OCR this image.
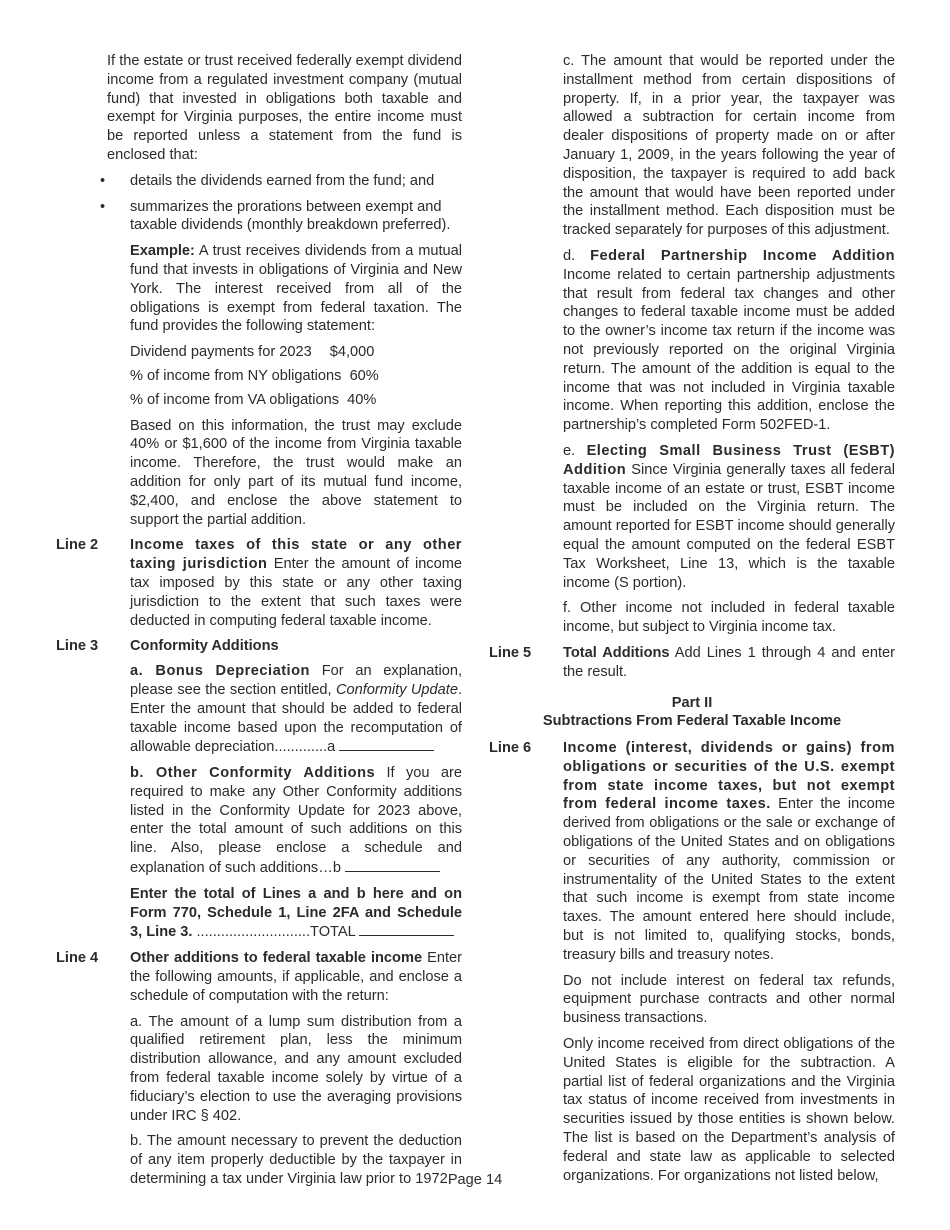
If the estate or trust received federally exempt dividend income from a regulated investment company (mutual fund) that invested in obligations both taxable and exempt for Virginia purposes, the entire income must be reported unless a statement from the fund is enclosed that:

• details the dividends earned from the fund; and
• summarizes the prorations between exempt and taxable dividends (monthly breakdown preferred).

Example: A trust receives dividends from a mutual fund that invests in obligations of Virginia and New York. The interest received from all of the obligations is exempt from federal taxation. The fund provides the following statement:

Dividend payments for 2023 $4,000
% of income from NY obligations 60%
% of income from VA obligations 40%

Based on this information, the trust may exclude 40% or $1,600 of the income from Virginia taxable income. Therefore, the trust would make an addition for only part of its mutual fund income, $2,400, and enclose the above statement to support the partial addition.

Line 2 Income taxes of this state or any other taxing jurisdiction Enter the amount of income tax imposed by this state or any other taxing jurisdiction to the extent that such taxes were deducted in computing federal taxable income.
Line 3 Conformity Additions

a. Bonus Depreciation For an explanation, please see the section entitled, Conformity Update. Enter the amount that should be added to federal taxable income based upon the recomputation of allowable depreciation.............a

b. Other Conformity Additions If you are required to make any Other Conformity additions listed in the Conformity Update for 2023 above, enter the total amount of such additions on this line. Also, please enclose a schedule and explanation of such additions…b

Enter the total of Lines a and b here and on Form 770, Schedule 1, Line 2FA and Schedule 3, Line 3. ............................TOTAL

Line 4 Other additions to federal taxable income Enter the following amounts, if applicable, and enclose a schedule of computation with the return:

a. The amount of a lump sum distribution from a qualified retirement plan, less the minimum distribution allowance, and any amount excluded from federal taxable income solely by virtue of a fiduciary’s election to use the averaging provisions under IRC § 402.

b. The amount necessary to prevent the deduction of any item properly deductible by the taxpayer in determining a tax under Virginia law prior to 1972.

c. The amount that would be reported under the installment method from certain dispositions of property. If, in a prior year, the taxpayer was allowed a subtraction for certain income from dealer dispositions of property made on or after January 1, 2009, in the years following the year of disposition, the taxpayer is required to add back the amount that would have been reported under the installment method. Each disposition must be tracked separately for purposes of this adjustment.

d. Federal Partnership Income Addition Income related to certain partnership adjustments that result from federal tax changes and other changes to federal taxable income must be added to the owner’s income tax return if the income was not previously reported on the original Virginia return. The amount of the addition is equal to the income that was not included in Virginia taxable income. When reporting this addition, enclose the partnership’s completed Form 502FED-1.

e. Electing Small Business Trust (ESBT) Addition Since Virginia generally taxes all federal taxable income of an estate or trust, ESBT income must be included on the Virginia return. The amount reported for ESBT income should generally equal the amount computed on the federal ESBT Tax Worksheet, Line 13, which is the taxable income (S portion).

f. Other income not included in federal taxable income, but subject to Virginia income tax.

Line 5 Total Additions Add Lines 1 through 4 and enter the result.

Part II

Subtractions From Federal Taxable Income

Line 6 Income (interest, dividends or gains) from obligations or securities of the U.S. exempt from state income taxes, but not exempt from federal income taxes. Enter the income derived from obligations or the sale or exchange of obligations of the United States and on obligations or securities of any authority, commission or instrumentality of the United States to the extent that such income is exempt from state income taxes. The amount entered here should include, but is not limited to, qualifying stocks, bonds, treasury bills and treasury notes.

Do not include interest on federal tax refunds, equipment purchase contracts and other normal business transactions.

Only income received from direct obligations of the United States is eligible for the subtraction. A partial list of federal organizations and the Virginia tax status of income received from investments in securities issued by those entities is shown below. The list is based on the Department’s analysis of federal and state law as applicable to selected organizations. For organizations not listed below,

Page 14
